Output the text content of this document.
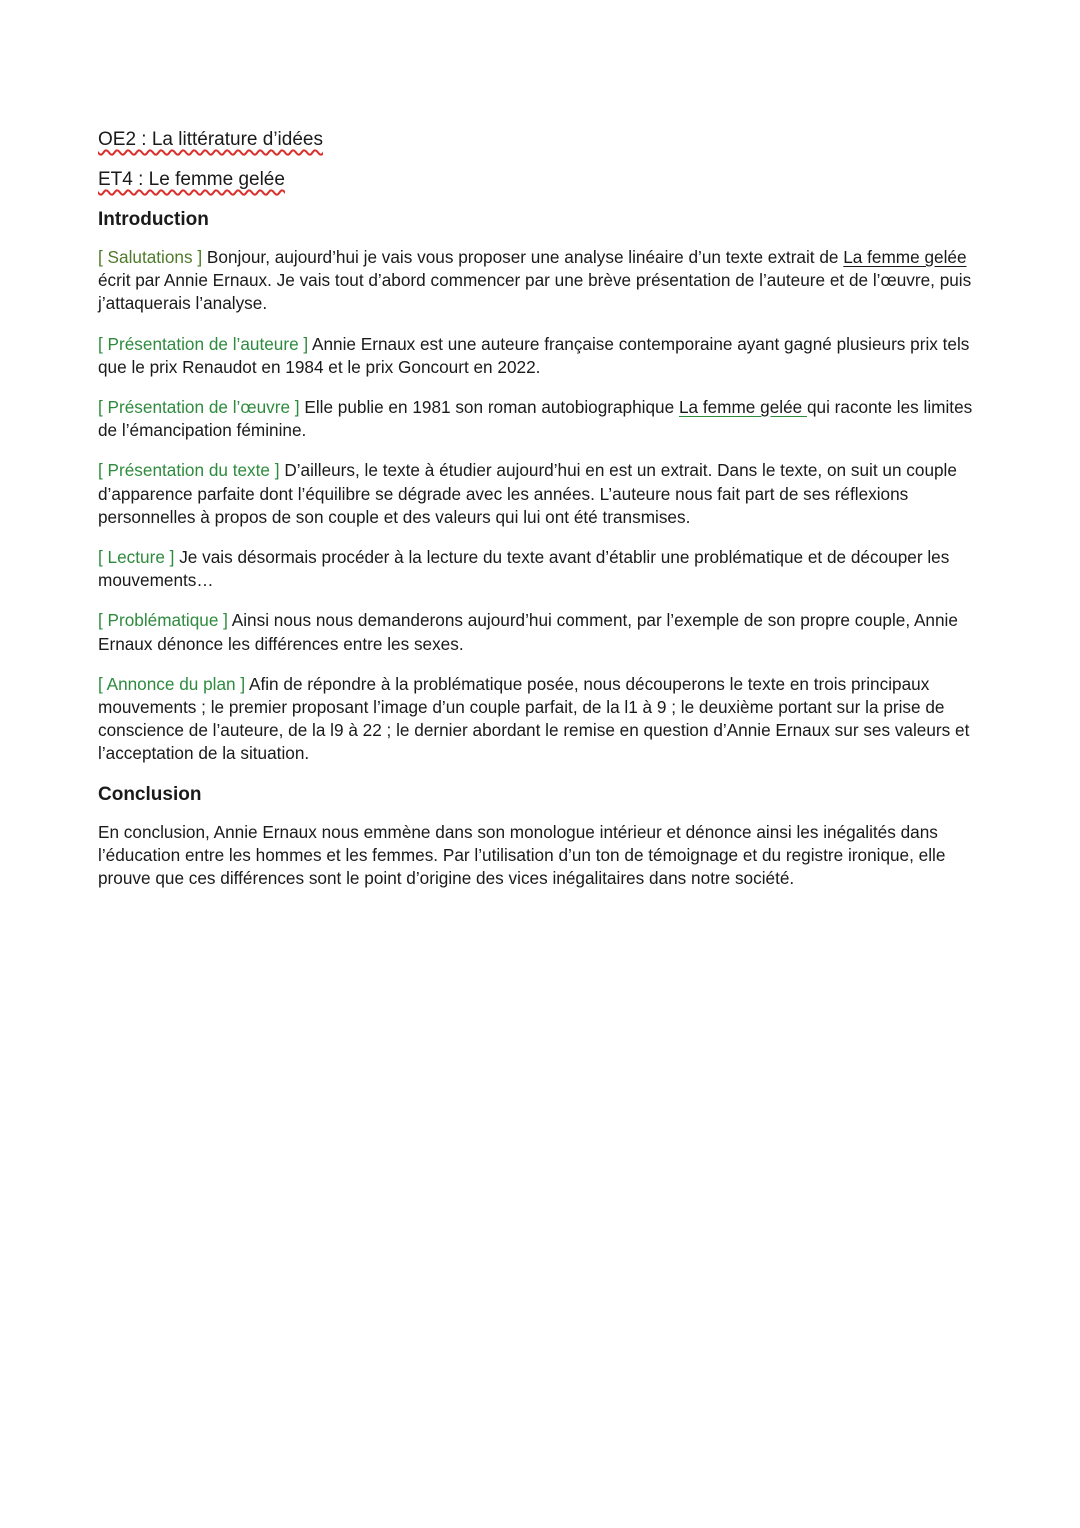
OE2 : La littérature d’idées

ET4 : Le femme gelée

Introduction

[ Salutations ] Bonjour, aujourd’hui je vais vous proposer une analyse linéaire d’un texte extrait de La femme gelée écrit par Annie Ernaux. Je vais tout d’abord commencer par une brève présentation de l’auteure et de l’œuvre, puis j’attaquerais l’analyse.

[ Présentation de l’auteure ] Annie Ernaux est une auteure française contemporaine ayant gagné plusieurs prix tels que le prix Renaudot en 1984 et le prix Goncourt en 2022.

[ Présentation de l’œuvre ] Elle publie en 1981 son roman autobiographique La femme gelée qui raconte les limites de l’émancipation féminine.

[ Présentation du texte ] D’ailleurs, le texte à étudier aujourd’hui en est un extrait. Dans le texte, on suit un couple d’apparence parfaite dont l’équilibre se dégrade avec les années. L’auteure nous fait part de ses réflexions personnelles à propos de son couple et des valeurs qui lui ont été transmises.

[ Lecture ] Je vais désormais procéder à la lecture du texte avant d’établir une problématique et de découper les mouvements…

[ Problématique ] Ainsi nous nous demanderons aujourd’hui comment, par l’exemple de son propre couple, Annie Ernaux dénonce les différences entre les sexes.

[ Annonce du plan ] Afin de répondre à la problématique posée, nous découperons le texte en trois principaux mouvements ; le premier proposant l’image d’un couple parfait, de la l1 à 9 ; le deuxième portant sur la prise de conscience de l’auteure, de la l9 à 22 ; le dernier abordant le remise en question d’Annie Ernaux sur ses valeurs et l’acceptation de la situation.

Conclusion

En conclusion, Annie Ernaux nous emmène dans son monologue intérieur et dénonce ainsi les inégalités dans l’éducation entre les hommes et les femmes. Par l’utilisation d’un ton de témoignage et du registre ironique, elle prouve que ces différences sont le point d’origine des vices inégalitaires dans notre société.
